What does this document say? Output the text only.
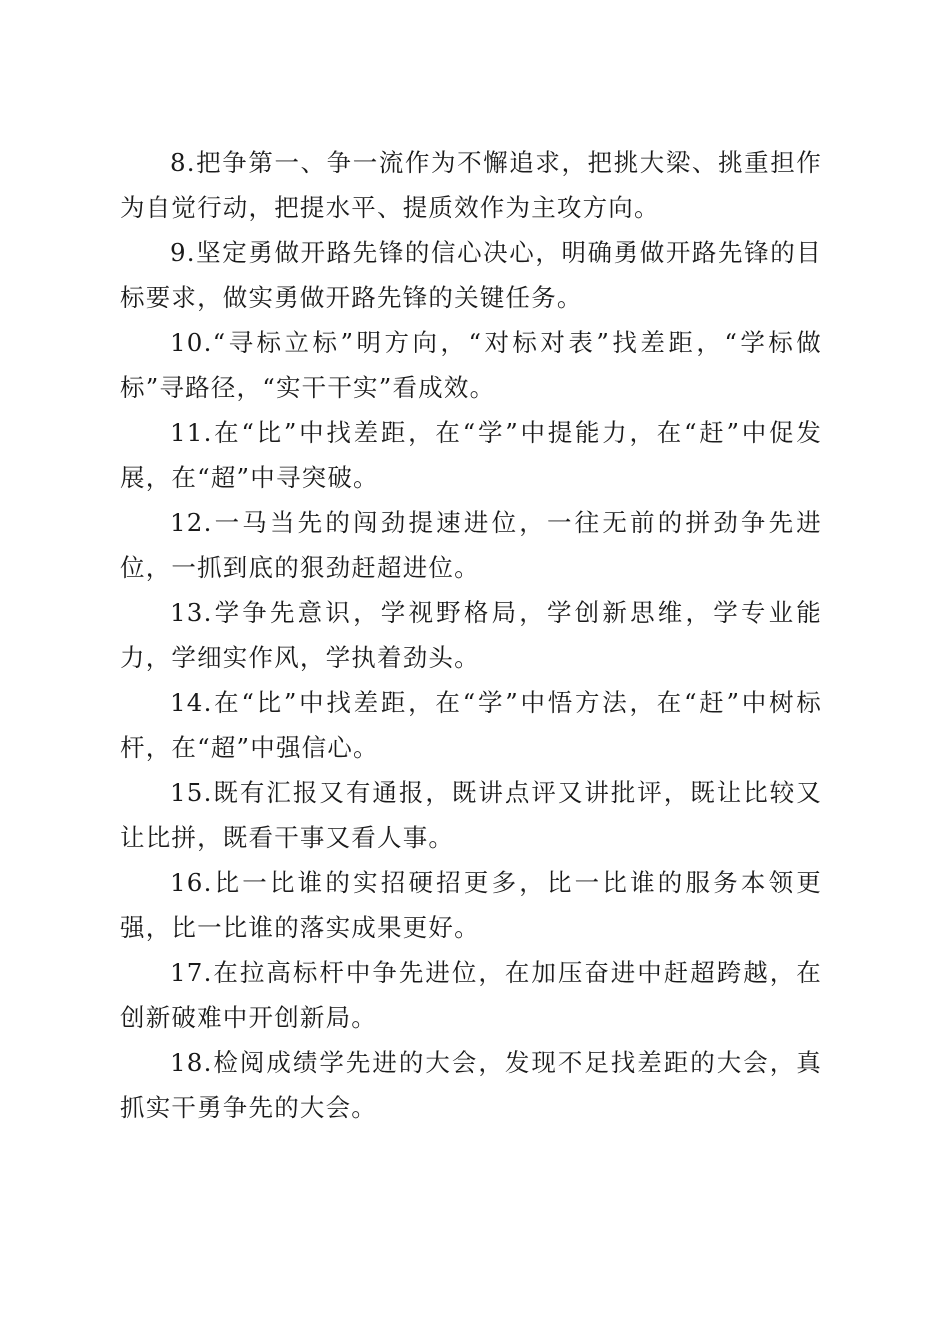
8.把争第一、争一流作为不懈追求，把挑大梁、挑重担作为自觉行动，把提水平、提质效作为主攻方向。

9.坚定勇做开路先锋的信心决心，明确勇做开路先锋的目标要求，做实勇做开路先锋的关键任务。

10.“寻标立标”明方向，“对标对表”找差距，“学标做标”寻路径，“实干干实”看成效。

11.在“比”中找差距，在“学”中提能力，在“赶”中促发展，在“超”中寻突破。

12.一马当先的闯劲提速进位，一往无前的拼劲争先进位，一抓到底的狠劲赶超进位。

13.学争先意识，学视野格局，学创新思维，学专业能力，学细实作风，学执着劲头。

14.在“比”中找差距，在“学”中悟方法，在“赶”中树标杆，在“超”中强信心。

15.既有汇报又有通报，既讲点评又讲批评，既让比较又让比拼，既看干事又看人事。

16.比一比谁的实招硬招更多，比一比谁的服务本领更强，比一比谁的落实成果更好。

17.在拉高标杆中争先进位，在加压奋进中赶超跨越，在创新破难中开创新局。

18.检阅成绩学先进的大会，发现不足找差距的大会，真抓实干勇争先的大会。
